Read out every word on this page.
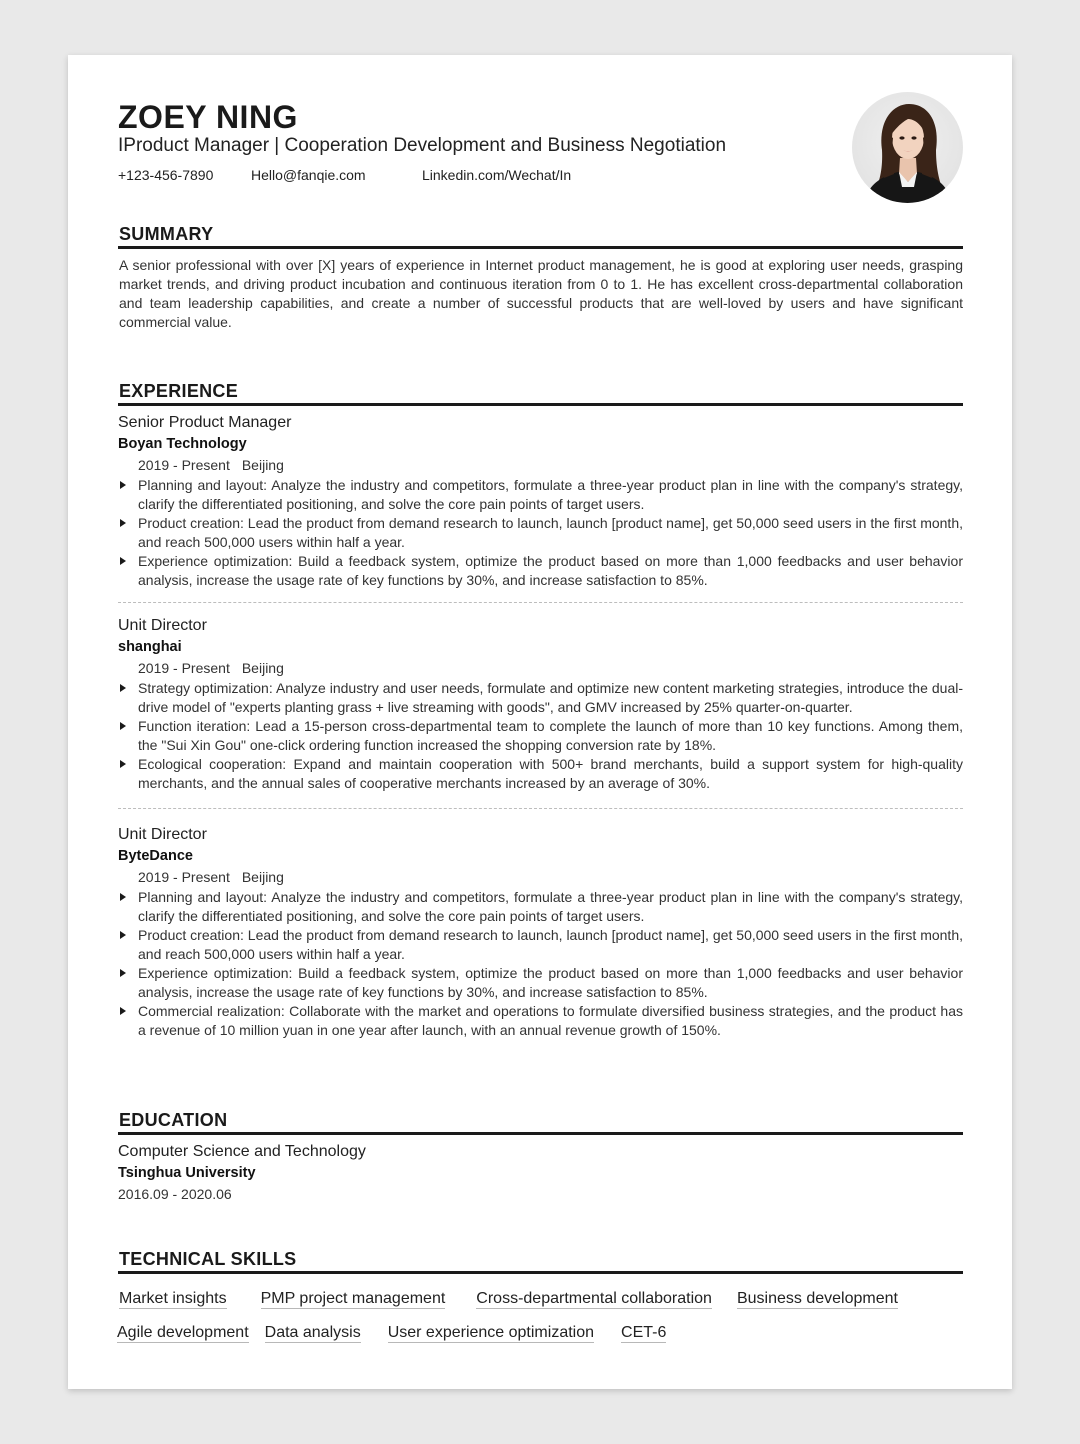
ZOEY NING
IProduct Manager | Cooperation Development and Business Negotiation
+123-456-7890	Hello@fanqie.com	Linkedin.com/Wechat/In
SUMMARY
A senior professional with over [X] years of experience in Internet product management, he is good at exploring user needs, grasping market trends, and driving product incubation and continuous iteration from 0 to 1. He has excellent cross-departmental collaboration and team leadership capabilities, and create a number of successful products that are well-loved by users and have significant commercial value.
EXPERIENCE
Senior Product Manager
Boyan Technology
2019 - Present Beijing
Planning and layout: Analyze the industry and competitors, formulate a three-year product plan in line with the company's strategy, clarify the differentiated positioning, and solve the core pain points of target users.
Product creation: Lead the product from demand research to launch, launch [product name], get 50,000 seed users in the first month, and reach 500,000 users within half a year.
Experience optimization: Build a feedback system, optimize the product based on more than 1,000 feedbacks and user behavior analysis, increase the usage rate of key functions by 30%, and increase satisfaction to 85%.
Unit Director
shanghai
2019 - Present Beijing
Strategy optimization: Analyze industry and user needs, formulate and optimize new content marketing strategies, introduce the dual-drive model of "experts planting grass + live streaming with goods", and GMV increased by 25% quarter-on-quarter.
Function iteration: Lead a 15-person cross-departmental team to complete the launch of more than 10 key functions. Among them, the "Sui Xin Gou" one-click ordering function increased the shopping conversion rate by 18%.
Ecological cooperation: Expand and maintain cooperation with 500+ brand merchants, build a support system for high-quality merchants, and the annual sales of cooperative merchants increased by an average of 30%.
Unit Director
ByteDance
2019 - Present Beijing
Planning and layout: Analyze the industry and competitors, formulate a three-year product plan in line with the company's strategy, clarify the differentiated positioning, and solve the core pain points of target users.
Product creation: Lead the product from demand research to launch, launch [product name], get 50,000 seed users in the first month, and reach 500,000 users within half a year.
Experience optimization: Build a feedback system, optimize the product based on more than 1,000 feedbacks and user behavior analysis, increase the usage rate of key functions by 30%, and increase satisfaction to 85%.
Commercial realization: Collaborate with the market and operations to formulate diversified business strategies, and the product has a revenue of 10 million yuan in one year after launch, with an annual revenue growth of 150%.
EDUCATION
Computer Science and Technology
Tsinghua University
2016.09 - 2020.06
TECHNICAL SKILLS
Market insights PMP project management Cross-departmental collaboration Business development
Agile development Data analysis User experience optimization CET-6
